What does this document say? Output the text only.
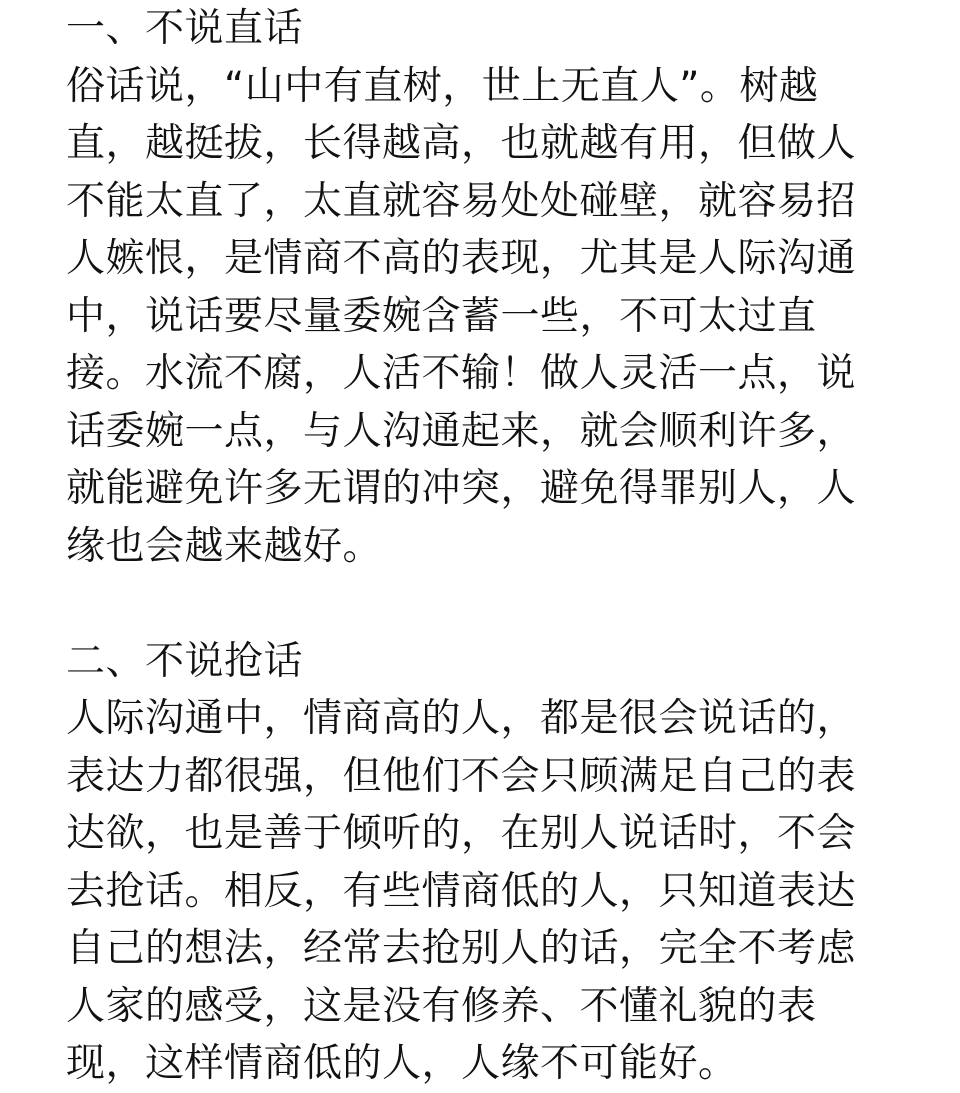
一、不说直话
俗话说，“山中有直树，世上无直人”。树越
直，越挺拔，长得越高，也就越有用，但做人
不能太直了，太直就容易处处碰壁，就容易招
人嫉恨，是情商不高的表现，尤其是人际沟通
中，说话要尽量委婉含蓄一些，不可太过直
接。水流不腐，人活不输！做人灵活一点，说
话委婉一点，与人沟通起来，就会顺利许多，
就能避免许多无谓的冲突，避免得罪别人，人
缘也会越来越好。
二、不说抢话
人际沟通中，情商高的人，都是很会说话的，
表达力都很强，但他们不会只顾满足自己的表
达欲，也是善于倾听的，在别人说话时，不会
去抢话。相反，有些情商低的人，只知道表达
自己的想法，经常去抢别人的话，完全不考虑
人家的感受，这是没有修养、不懂礼貌的表
现，这样情商低的人，人缘不可能好。
